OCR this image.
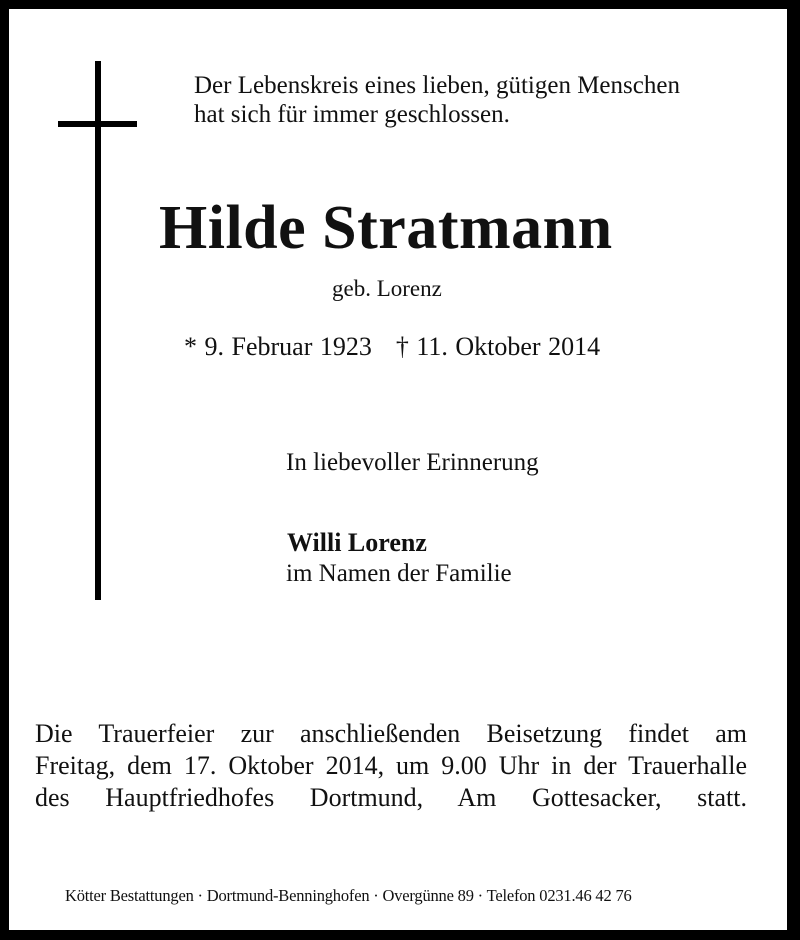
Der Lebenskreis eines lieben, gütigen Menschen
hat sich für immer geschlossen.
Hilde Stratmann
geb. Lorenz
* 9. Februar 1923 † 11. Oktober 2014
In liebevoller Erinnerung
Willi Lorenz
im Namen der Familie
Die Trauerfeier zur anschließenden Beisetzung findet am
Freitag, dem 17. Oktober 2014, um 9.00 Uhr in der Trauerhalle
des Hauptfriedhofes Dortmund, Am Gottesacker, statt.
Kötter Bestattungen · Dortmund-Benninghofen · Overgünne 89 · Telefon 0231.46 42 76
